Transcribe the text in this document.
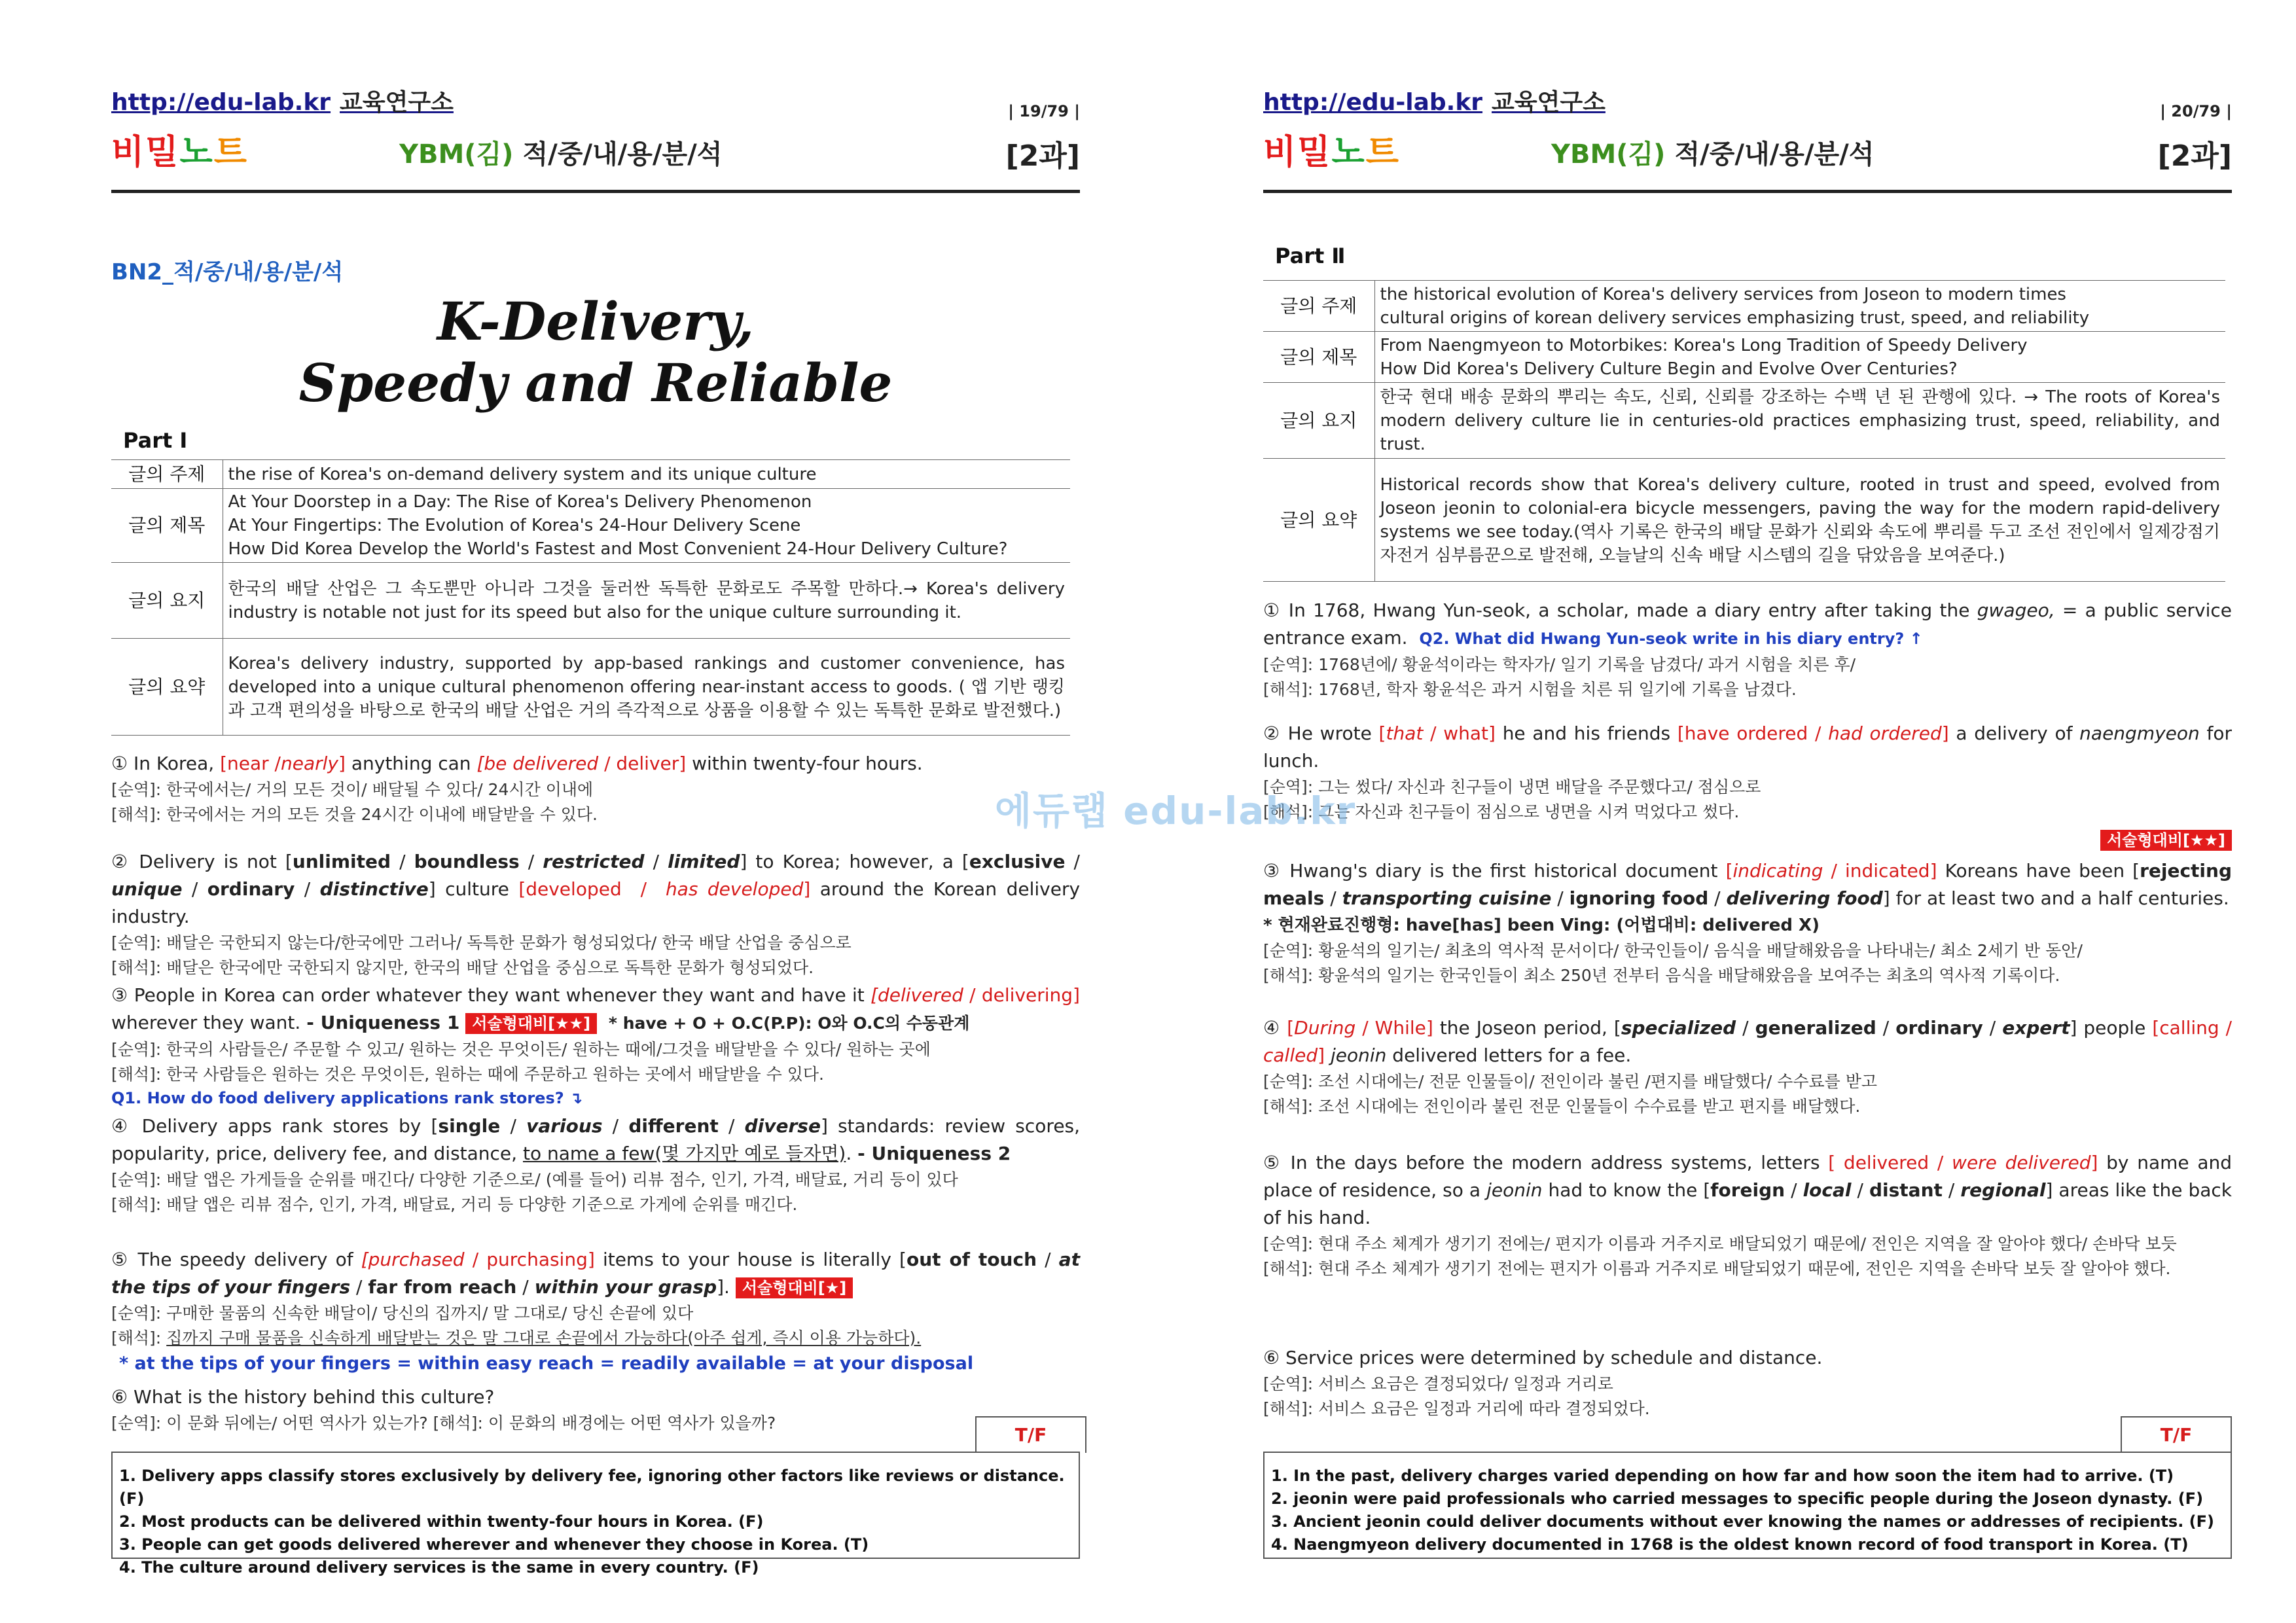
http://edu-lab.kr 교육연구소	| 19/79 |
비밀노트	YBM(김) 적/중/내/용/분/석	[2과]
BN2_적/중/내/용/분/석
K-Delivery,
Speedy and Reliable
Part Ⅰ
글의 주제	the rise of Korea's on-demand delivery system and its unique culture
글의 제목	At Your Doorstep in a Day: The Rise of Korea's Delivery Phenomenon
At Your Fingertips: The Evolution of Korea's 24-Hour Delivery Scene
How Did Korea Develop the World's Fastest and Most Convenient 24-Hour Delivery Culture?

글의 요지	한국의 배달 산업은 그 속도뿐만 아니라 그것을 둘러싼 독특한 문화로도 주목할 만하다.→ Korea's delivery industry is notable not just for its speed but also for the unique culture surrounding it.
글의 요약	Korea's delivery industry, supported by app-based rankings and customer convenience, has developed into a unique cultural phenomenon offering near-instant access to goods. ( 앱 기반 랭킹과 고객 편의성을 바탕으로 한국의 배달 산업은 거의 즉각적으로 상품을 이용할 수 있는 독특한 문화로 발전했다.)
① In Korea, [near /nearly] anything can [be delivered / deliver] within twenty-four hours.
[순역]: 한국에서는/ 거의 모든 것이/ 배달될 수 있다/ 24시간 이내에
[해석]: 한국에서는 거의 모든 것을 24시간 이내에 배달받을 수 있다.
② Delivery is not [unlimited / boundless / restricted / limited] to Korea; however, a [exclusive / unique / ordinary / distinctive] culture [developed / has developed] around the Korean delivery industry.
[순역]: 배달은 국한되지 않는다/한국에만 그러나/ 독특한 문화가 형성되었다/ 한국 배달 산업을 중심으로
[해석]: 배달은 한국에만 국한되지 않지만, 한국의 배달 산업을 중심으로 독특한 문화가 형성되었다.
③ People in Korea can order whatever they want whenever they want and have it [delivered / delivering] wherever they want. - Uniqueness 1 서술형대비[★★] * have + O + O.C(P.P): O와 O.C의 수동관계
[순역]: 한국의 사람들은/ 주문할 수 있고/ 원하는 것은 무엇이든/ 원하는 때에/그것을 배달받을 수 있다/ 원하는 곳에
[해석]: 한국 사람들은 원하는 것은 무엇이든, 원하는 때에 주문하고 원하는 곳에서 배달받을 수 있다.
Q1. How do food delivery applications rank stores? ↴
④ Delivery apps rank stores by [single / various / different / diverse] standards: review scores, popularity, price, delivery fee, and distance, to name a few(몇 가지만 예로 들자면). - Uniqueness 2
[순역]: 배달 앱은 가게들을 순위를 매긴다/ 다양한 기준으로/ (예를 들어) 리뷰 점수, 인기, 가격, 배달료, 거리 등이 있다
[해석]: 배달 앱은 리뷰 점수, 인기, 가격, 배달료, 거리 등 다양한 기준으로 가게에 순위를 매긴다.
⑤ The speedy delivery of [purchased / purchasing] items to your house is literally [out of touch / at the tips of your fingers / far from reach / within your grasp]. 서술형대비[★]
[순역]: 구매한 물품의 신속한 배달이/ 당신의 집까지/ 말 그대로/ 당신 손끝에 있다
[해석]: 집까지 구매 물품을 신속하게 배달받는 것은 말 그대로 손끝에서 가능하다(아주 쉽게, 즉시 이용 가능하다).
* at the tips of your fingers = within easy reach = readily available = at your disposal
⑥ What is the history behind this culture?
[순역]: 이 문화 뒤에는/ 어떤 역사가 있는가? [해석]: 이 문화의 배경에는 어떤 역사가 있을까?
T/F
1. Delivery apps classify stores exclusively by delivery fee, ignoring other factors like reviews or distance. (F)
2. Most products can be delivered within twenty-four hours in Korea. (F)
3. People can get goods delivered wherever and whenever they choose in Korea. (T)
4. The culture around delivery services is the same in every country. (F)
http://edu-lab.kr 교육연구소	| 20/79 |
비밀노트	YBM(김) 적/중/내/용/분/석	[2과]
Part Ⅱ
글의 주제	the historical evolution of Korea's delivery services from Joseon to modern times
cultural origins of korean delivery services emphasizing trust, speed, and reliability

글의 제목	From Naengmyeon to Motorbikes: Korea's Long Tradition of Speedy Delivery
How Did Korea's Delivery Culture Begin and Evolve Over Centuries?

글의 요지	한국 현대 배송 문화의 뿌리는 속도, 신뢰, 신뢰를 강조하는 수백 년 된 관행에 있다. → The roots of Korea's modern delivery culture lie in centuries-old practices emphasizing trust, speed, reliability, and trust.
글의 요약	Historical records show that Korea's delivery culture, rooted in trust and speed, evolved from Joseon jeonin to colonial-era bicycle messengers, paving the way for the modern rapid-delivery systems we see today.(역사 기록은 한국의 배달 문화가 신뢰와 속도에 뿌리를 두고 조선 전인에서 일제강점기 자전거 심부름꾼으로 발전해, 오늘날의 신속 배달 시스템의 길을 닦았음을 보여준다.)
① In 1768, Hwang Yun-seok, a scholar, made a diary entry after taking the gwageo, = a public service entrance exam. Q2. What did Hwang Yun-seok write in his diary entry? ↑
[순역]: 1768년에/ 황윤석이라는 학자가/ 일기 기록을 남겼다/ 과거 시험을 치른 후/
[해석]: 1768년, 학자 황윤석은 과거 시험을 치른 뒤 일기에 기록을 남겼다.
② He wrote [that / what] he and his friends [have ordered / had ordered] a delivery of naengmyeon for lunch.
[순역]: 그는 썼다/ 자신과 친구들이 냉면 배달을 주문했다고/ 점심으로
[해석]: 그는 자신과 친구들이 점심으로 냉면을 시켜 먹었다고 썼다.
서술형대비[★★]
③ Hwang's diary is the first historical document [indicating / indicated] Koreans have been [rejecting meals / transporting cuisine / ignoring food / delivering food] for at least two and a half centuries.
* 현재완료진행형: have[has] been Ving: (어법대비: delivered X)
[순역]: 황윤석의 일기는/ 최초의 역사적 문서이다/ 한국인들이/ 음식을 배달해왔음을 나타내는/ 최소 2세기 반 동안/
[해석]: 황윤석의 일기는 한국인들이 최소 250년 전부터 음식을 배달해왔음을 보여주는 최초의 역사적 기록이다.
④ [During / While] the Joseon period, [specialized / generalized / ordinary / expert] people [calling / called] jeonin delivered letters for a fee.
[순역]: 조선 시대에는/ 전문 인물들이/ 전인이라 불린 /편지를 배달했다/ 수수료를 받고
[해석]: 조선 시대에는 전인이라 불린 전문 인물들이 수수료를 받고 편지를 배달했다.
⑤ In the days before the modern address systems, letters [ delivered / were delivered] by name and place of residence, so a jeonin had to know the [foreign / local / distant / regional] areas like the back of his hand.
[순역]: 현대 주소 체계가 생기기 전에는/ 편지가 이름과 거주지로 배달되었기 때문에/ 전인은 지역을 잘 알아야 했다/ 손바닥 보듯
[해석]: 현대 주소 체계가 생기기 전에는 편지가 이름과 거주지로 배달되었기 때문에, 전인은 지역을 손바닥 보듯 잘 알아야 했다.
⑥ Service prices were determined by schedule and distance.
[순역]: 서비스 요금은 결정되었다/ 일정과 거리로
[해석]: 서비스 요금은 일정과 거리에 따라 결정되었다.
T/F
1. In the past, delivery charges varied depending on how far and how soon the item had to arrive. (T)
2. jeonin were paid professionals who carried messages to specific people during the Joseon dynasty. (F)
3. Ancient jeonin could deliver documents without ever knowing the names or addresses of recipients. (F)
4. Naengmyeon delivery documented in 1768 is the oldest known record of food transport in Korea. (T)
에듀랩 edu-lab.kr
